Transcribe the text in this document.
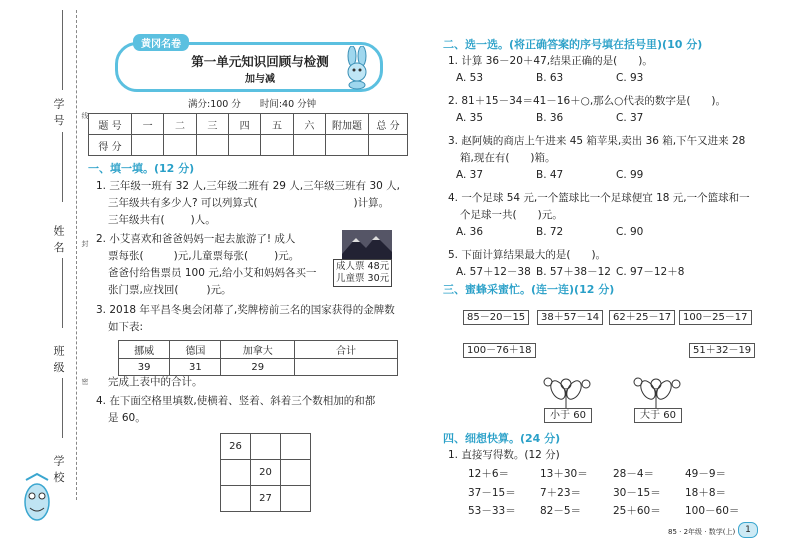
学 号
姓 名
班 级
学 校
线
封
密
黄冈名卷
第一单元知识回顾与检测
加与减
满分:100 分　　时间:40 分钟
题 号	一	二	三	四	五	六	附加题	总 分
得 分								
一、填一填。(12 分)
1. 三年级一班有 32 人,三年级二班有 29 人,三年级三班有 30 人,
三年级共有多少人? 可以列算式(	)计算。
三年级共有( )人。
2. 小艾喜欢和爸爸妈妈一起去旅游了! 成人
票每张(	)元,儿童票每张( )元。
爸爸付给售票员 100 元,给小艾和妈妈各买一
张门票,应找回(	)元。
成人票 48元
儿童票 30元
3. 2018 年平昌冬奥会闭幕了,奖牌榜前三名的国家获得的金牌数
如下表:
挪威	德国	加拿大	合计
39	31	29	
完成上表中的合计。
4. 在下面空格里填数,使横着、竖着、斜着三个数相加的和都
是 60。
26		
	20	
	27	
二、选一选。(将正确答案的序号填在括号里)(10 分)
1. 计算 36－20＋47,结果正确的是(　　)。
A. 53	B. 63	C. 93
2. 81＋15－34＝41－16＋○,那么○代表的数字是(　　)。
A. 35	B. 36	C. 37
3. 赵阿姨的商店上午进来 45 箱苹果,卖出 36 箱,下午又进来 28
箱,现在有(　　)箱。
A. 37	B. 47	C. 99
4. 一个足球 54 元,一个篮球比一个足球便宜 18 元,一个篮球和一
个足球一共(　　)元。
A. 36	B. 72	C. 90
5. 下面计算结果最大的是(　　)。
A. 57＋12－38 B. 57＋38－12 C. 97－12＋8
三、蜜蜂采蜜忙。(连一连)(12 分)
85－20－15	38＋57－14	62＋25－17	100－25－17
100－76＋18	51＋32－19
小于 60	大于 60
四、细想快算。(24 分)
1. 直接写得数。(12 分)
12＋6＝	13＋30＝ 28－4＝	49－9＝
37－15＝ 7＋23＝	30－15＝ 18＋8＝
53－33＝ 82－5＝	25＋60＝ 100－60＝
85 · 2年级 · 数学(上)	1
